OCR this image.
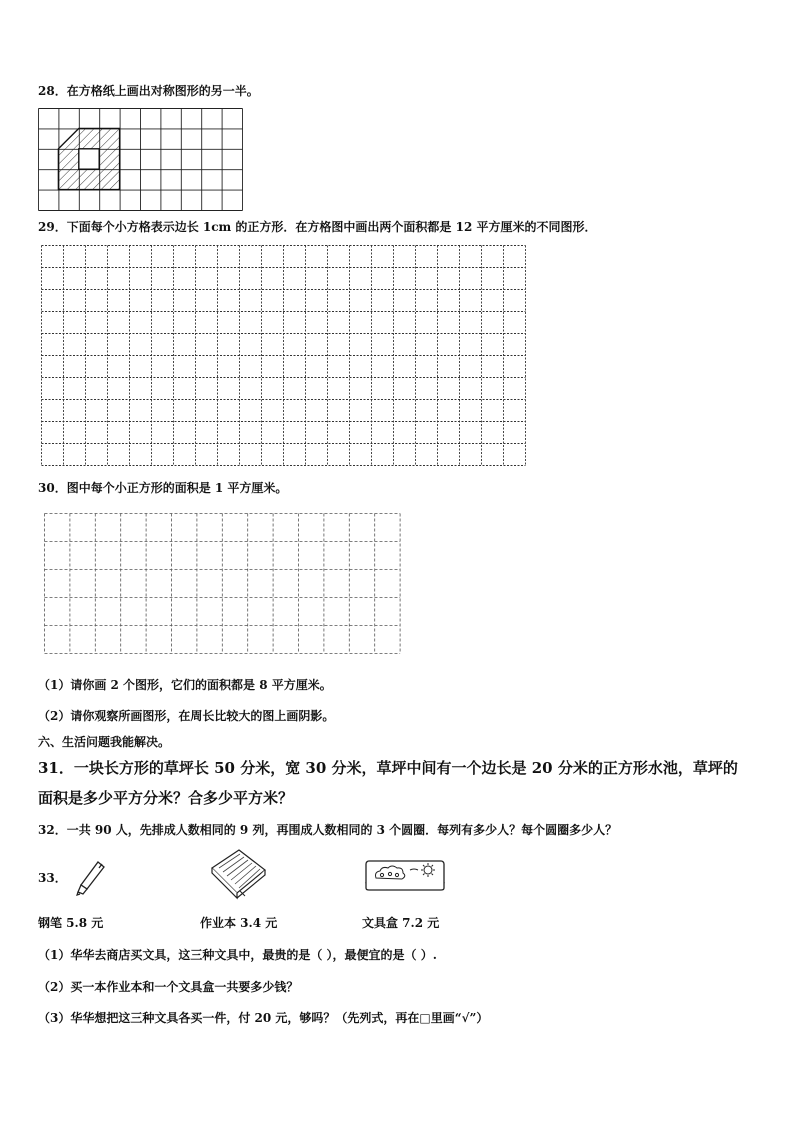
28．在方格纸上画出对称图形的另一半。
29．下面每个小方格表示边长 1cm 的正方形．在方格图中画出两个面积都是 12 平方厘米的不同图形．
30．图中每个小正方形的面积是 1 平方厘米。
（1）请你画 2 个图形，它们的面积都是 8 平方厘米。
（2）请你观察所画图形，在周长比较大的图上画阴影。
六、生活问题我能解决。
31．一块长方形的草坪长 50 分米，宽 30 分米，草坪中间有一个边长是 20 分米的正方形水池，草坪的
面积是多少平方分米？合多少平方米？
32．一共 90 人，先排成人数相同的 9 列，再围成人数相同的 3 个圆圈．每列有多少人？每个圆圈多少人？
33．
钢笔 5.8 元	作业本 3.4 元	文具盒 7.2 元
（1）华华去商店买文具，这三种文具中，最贵的是（ ），最便宜的是（ ）.
（2）买一本作业本和一个文具盒一共要多少钱？
（3）华华想把这三种文具各买一件，付 20 元，够吗？（先列式，再在□里画“√”）
